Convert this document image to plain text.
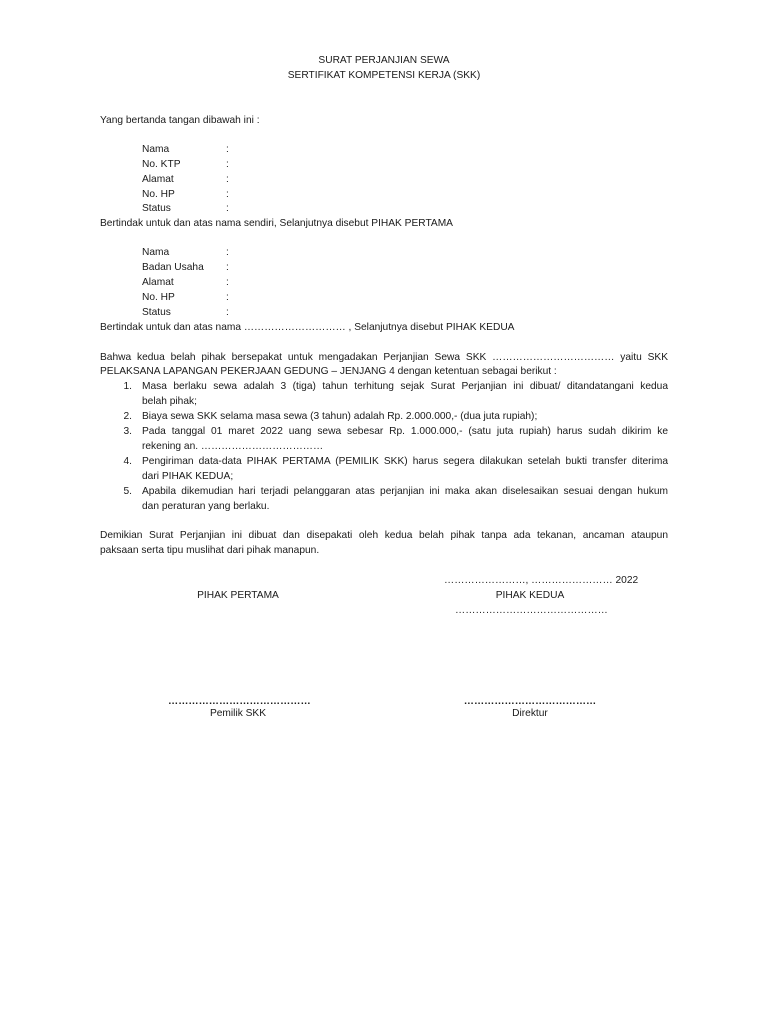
SURAT PERJANJIAN SEWA
SERTIFIKAT KOMPETENSI KERJA (SKK)
Yang bertanda tangan dibawah ini :
Nama	:
No. KTP	:
Alamat	:
No. HP	:
Status	:
Bertindak untuk dan atas nama sendiri, Selanjutnya disebut PIHAK PERTAMA
Nama	:
Badan Usaha :
Alamat	:
No. HP	:
Status	:
Bertindak untuk dan atas nama ………………………… , Selanjutnya disebut PIHAK KEDUA
Bahwa kedua belah pihak bersepakat untuk mengadakan Perjanjian Sewa SKK ……………………………… yaitu SKK
PELAKSANA LAPANGAN PEKERJAAN GEDUNG – JENJANG 4 dengan ketentuan sebagai berikut :
1. Masa berlaku sewa adalah 3 (tiga) tahun terhitung sejak Surat Perjanjian ini dibuat/ ditandatangani kedua
belah pihak;
2. Biaya sewa SKK selama masa sewa (3 tahun) adalah Rp. 2.000.000,- (dua juta rupiah);
3. Pada tanggal 01 maret 2022 uang sewa sebesar Rp. 1.000.000,- (satu juta rupiah) harus sudah dikirim ke
rekening an. ………………………………
4. Pengiriman data-data PIHAK PERTAMA (PEMILIK SKK) harus segera dilakukan setelah bukti transfer diterima
dari PIHAK KEDUA;
5. Apabila dikemudian hari terjadi pelanggaran atas perjanjian ini maka akan diselesaikan sesuai dengan hukum
dan peraturan yang berlaku.
Demikian Surat Perjanjian ini dibuat dan disepakati oleh kedua belah pihak tanpa ada tekanan, ancaman ataupun
paksaan serta tipu muslihat dari pihak manapun.
……………………, …………………… 2022
PIHAK PERTAMA	PIHAK KEDUA
………………………………………
……………………………………	…………………………………
Pemilik SKK	Direktur
